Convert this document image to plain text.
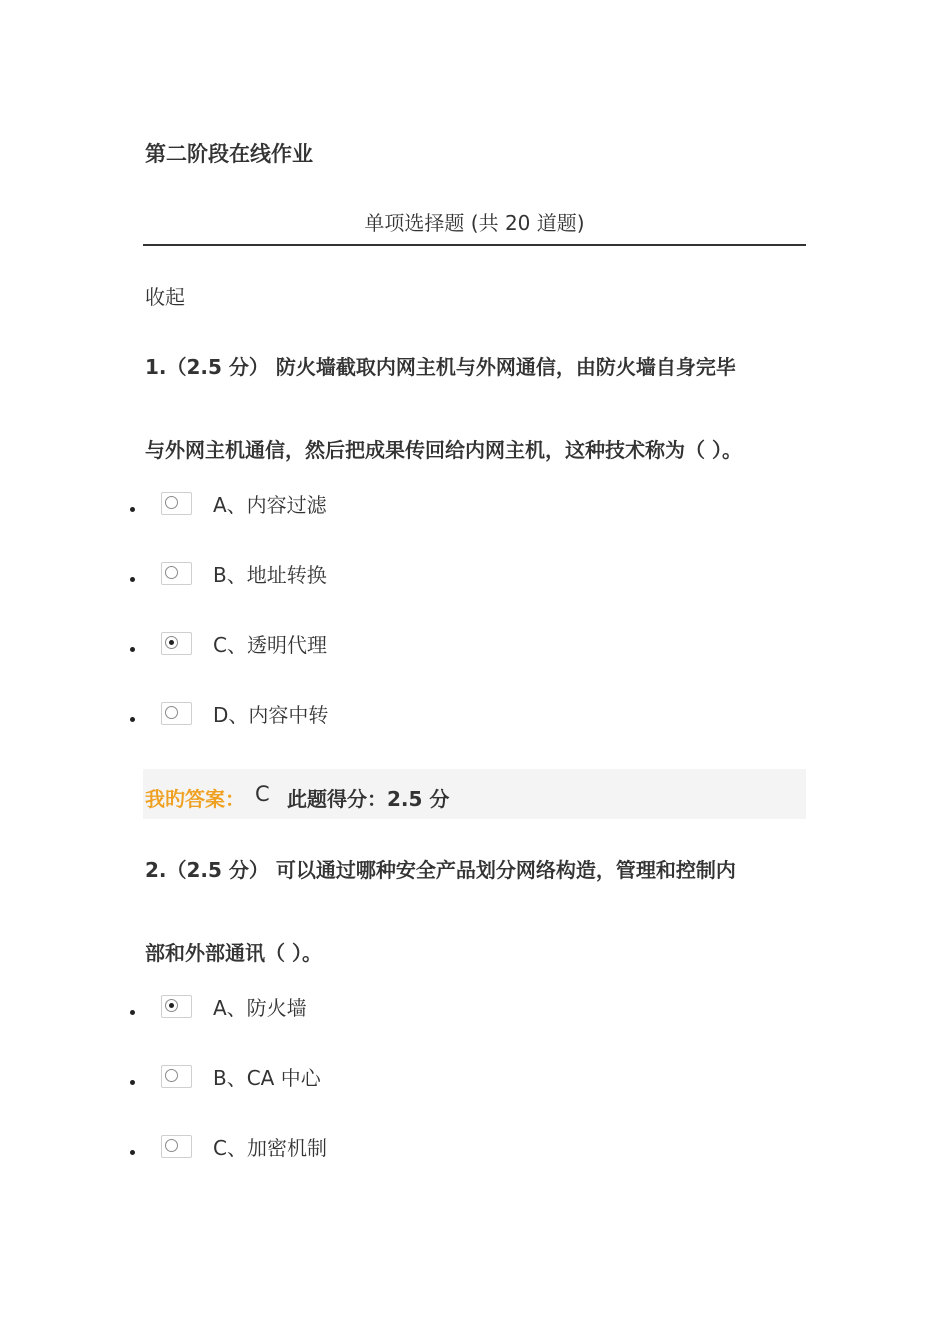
第二阶段在线作业
单项选择题 (共 20 道题)
收起
1.（2.5 分） 防火墙截取内网主机与外网通信，由防火墙自身完毕
与外网主机通信，然后把成果传回给内网主机，这种技术称为（ ）。
A、内容过滤
B、地址转换
C、透明代理
D、内容中转
我旳答案： C 此题得分：2.5 分
2.（2.5 分） 可以通过哪种安全产品划分网络构造，管理和控制内
部和外部通讯（ ）。
A、防火墙
B、CA 中心
C、加密机制
